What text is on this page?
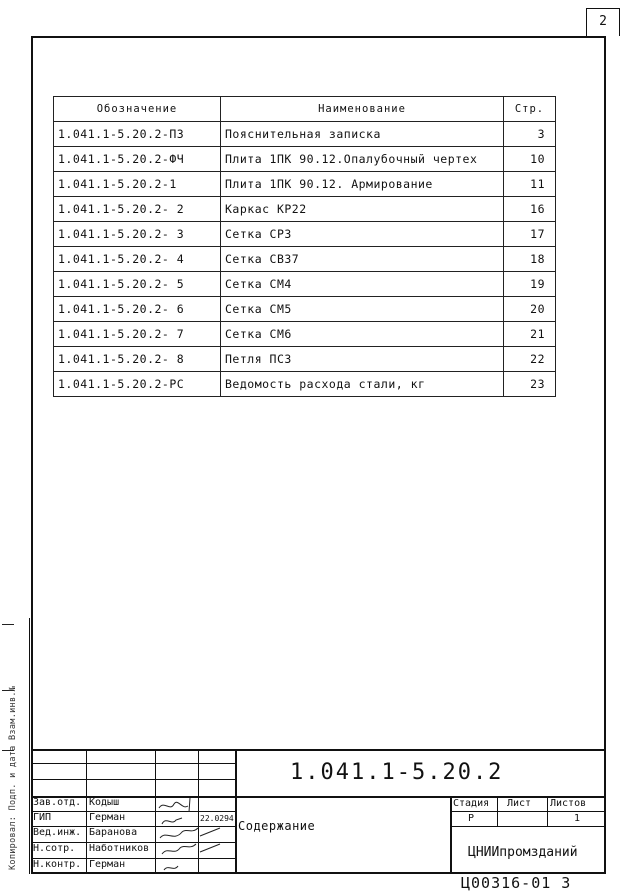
2
Обозначение	Наименование	Стр.
1.041.1-5.20.2-ПЗ	Пояснительная записка	3
1.041.1-5.20.2-ФЧ	Плита 1ПК 90.12.Опалубочный чертех	10
1.041.1-5.20.2-1	Плита 1ПК 90.12. Армирование	11
1.041.1-5.20.2- 2	Каркас КР22	16
1.041.1-5.20.2- 3	Сетка СР3	17
1.041.1-5.20.2- 4	Сетка СВ37	18
1.041.1-5.20.2- 5	Сетка СМ4	19
1.041.1-5.20.2- 6	Сетка СМ5	20
1.041.1-5.20.2- 7	Сетка СМ6	21
1.041.1-5.20.2- 8	Петля ПС3	22
1.041.1-5.20.2-РС	Ведомость расхода стали, кг	23
Копировал: Подп. и дата Взам.инв.№	1.041.1-5.20.2
Зав.отд. Кодыш
ГИП	Герман
Вед.инж. Баранова
Н.сотр. Наботников
Н.контр. Герман
22.0294
Содержание
Стадия Лист Листов
Р	1
ЦНИИпромзданий
Ц00316-01 3
